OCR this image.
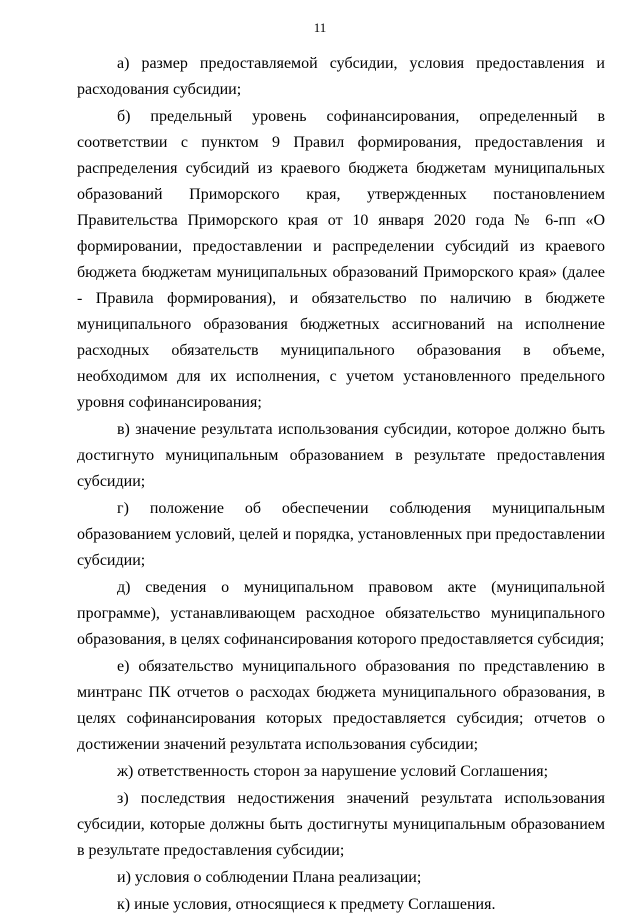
11

а) размер предоставляемой субсидии, условия предоставления и расходования субсидии;

б) предельный уровень софинансирования, определенный в соответствии с пунктом 9 Правил формирования, предоставления и распределения субсидий из краевого бюджета бюджетам муниципальных образований Приморского края, утвержденных постановлением Правительства Приморского края от 10 января 2020 года № 6-пп «О формировании, предоставлении и распределении субсидий из краевого бюджета бюджетам муниципальных образований Приморского края» (далее - Правила формирования), и обязательство по наличию в бюджете муниципального образования бюджетных ассигнований на исполнение расходных обязательств муниципального образования в объеме, необходимом для их исполнения, с учетом установленного предельного уровня софинансирования;

в) значение результата использования субсидии, которое должно быть достигнуто муниципальным образованием в результате предоставления субсидии;

г) положение об обеспечении соблюдения муниципальным образованием условий, целей и порядка, установленных при предоставлении субсидии;

д) сведения о муниципальном правовом акте (муниципальной программе), устанавливающем расходное обязательство муниципального образования, в целях софинансирования которого предоставляется субсидия;

е) обязательство муниципального образования по представлению в минтранс ПК отчетов о расходах бюджета муниципального образования, в целях софинансирования которых предоставляется субсидия; отчетов о достижении значений результата использования субсидии;

ж) ответственность сторон за нарушение условий Соглашения;

з) последствия недостижения значений результата использования субсидии, которые должны быть достигнуты муниципальным образованием в результате предоставления субсидии;

и) условия о соблюдении Плана реализации;

к) иные условия, относящиеся к предмету Соглашения.
